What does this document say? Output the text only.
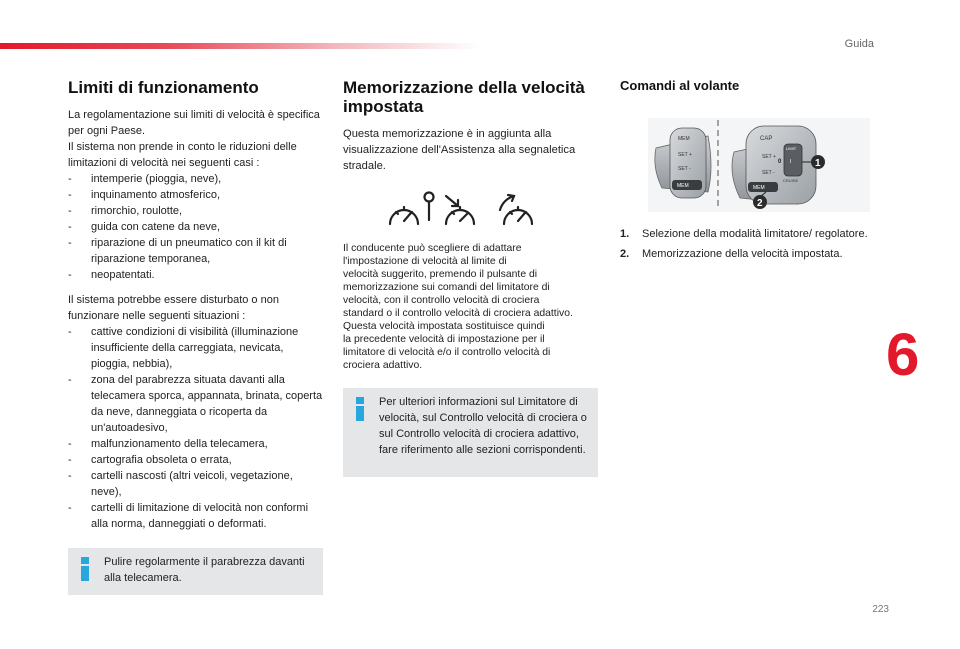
Guida
6
223
Limiti di funzionamento

La regolamentazione sui limiti di velocità è specifica per ogni Paese.

Il sistema non prende in conto le riduzioni delle limitazioni di velocità nei seguenti casi :

- intemperie (pioggia, neve),
- inquinamento atmosferico,
- rimorchio, roulotte,
- guida con catene da neve,
- riparazione di un pneumatico con il kit di riparazione temporanea,
- neopatentati.

Il sistema potrebbe essere disturbato o non funzionare nelle seguenti situazioni :

- cattive condizioni di visibilità (illuminazione insufficiente della carreggiata, nevicata, pioggia, nebbia),
- zona del parabrezza situata davanti alla telecamera sporca, appannata, brinata, coperta da neve, danneggiata o ricoperta da un'autoadesivo,
- malfunzionamento della telecamera,
- cartografia obsoleta o errata,
- cartelli nascosti (altri veicoli, vegetazione, neve),
- cartelli di limitazione di velocità non conformi alla norma, danneggiati o deformati.
Pulire regolarmente il parabrezza davanti alla telecamera.
Memorizzazione della velocità impostata

Questa memorizzazione è in aggiunta alla visualizzazione dell'Assistenza alla segnaletica stradale.

Il conducente può scegliere di adattare
l'impostazione di velocità al limite di
velocità suggerito, premendo il pulsante di
memorizzazione sui comandi del limitatore di
velocità, con il controllo velocità di crociera
standard o il controllo velocità di crociera adattivo.
Questa velocità impostata sostituisce quindi
la precedente velocità di impostazione per il
limitatore di velocità e/o il controllo velocità di
crociera adattivo.
Per ulteriori informazioni sul Limitatore di velocità, sul Controllo velocità di crociera o sul Controllo velocità di crociera adattivo, fare riferimento alle sezioni corrispondenti.
Comandi al volante
MEM
SET +
SET -
MEM
CAP
LIMIT
0 I
SET +
SET -
CRUISE
MEM
1
2
1. Selezione della modalità limitatore/ regolatore.
2. Memorizzazione della velocità impostata.
